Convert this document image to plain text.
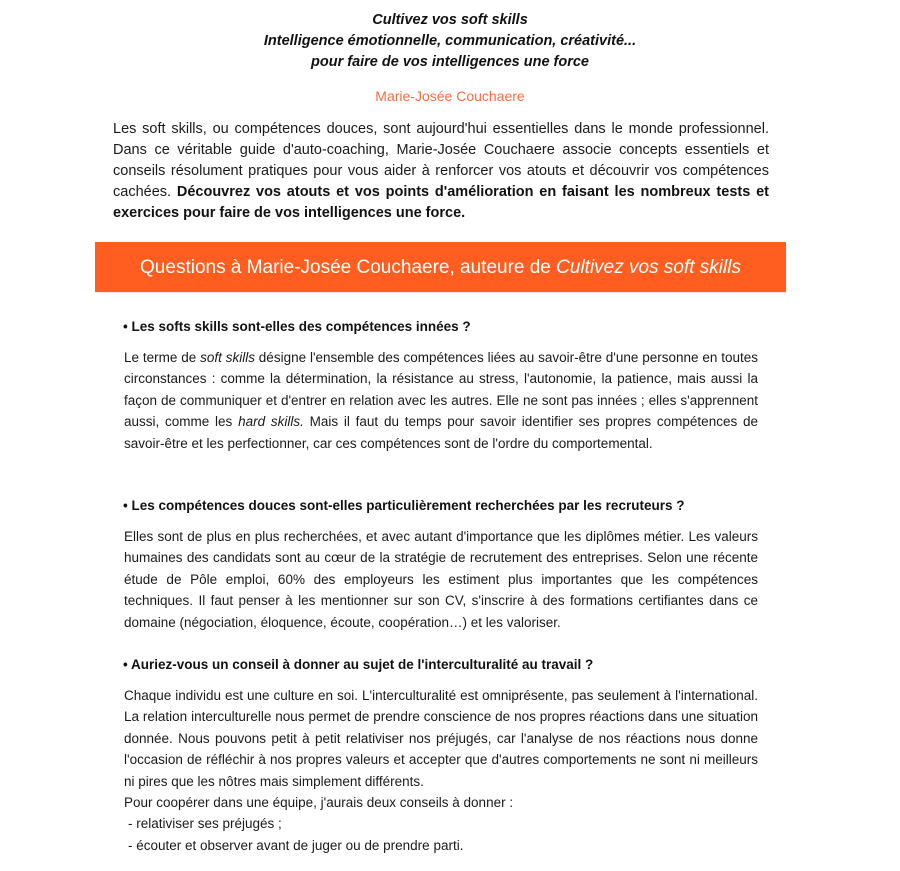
Cultivez vos soft skills
Intelligence émotionnelle, communication, créativité...
pour faire de vos intelligences une force
Marie-Josée Couchaere

Les soft skills, ou compétences douces, sont aujourd'hui essentielles dans le monde professionnel. Dans ce véritable guide d'auto-coaching, Marie-Josée Couchaere associe concepts essentiels et conseils résolument pratiques pour vous aider à renforcer vos atouts et découvrir vos compétences cachées. Découvrez vos atouts et vos points d'amélioration en faisant les nombreux tests et exercices pour faire de vos intelligences une force.

Questions à Marie-Josée Couchaere, auteure de Cultivez vos soft skills

• Les softs skills sont-elles des compétences innées ?

Le terme de soft skills désigne l'ensemble des compétences liées au savoir-être d'une personne en toutes circonstances : comme la détermination, la résistance au stress, l'autonomie, la patience, mais aussi la façon de communiquer et d'entrer en relation avec les autres. Elle ne sont pas innées ; elles s'apprennent aussi, comme les hard skills. Mais il faut du temps pour savoir identifier ses propres compétences de savoir-être et les perfectionner, car ces compétences sont de l'ordre du comportemental.

• Les compétences douces sont-elles particulièrement recherchées par les recruteurs ?

Elles sont de plus en plus recherchées, et avec autant d'importance que les diplômes métier. Les valeurs humaines des candidats sont au cœur de la stratégie de recrutement des entreprises. Selon une récente étude de Pôle emploi, 60% des employeurs les estiment plus importantes que les compétences techniques. Il faut penser à les mentionner sur son CV, s'inscrire à des formations certifiantes dans ce domaine (négociation, éloquence, écoute, coopération…) et les valoriser.

• Auriez-vous un conseil à donner au sujet de l'interculturalité au travail ?

Chaque individu est une culture en soi. L'interculturalité est omniprésente, pas seulement à l'international. La relation interculturelle nous permet de prendre conscience de nos propres réactions dans une situation donnée. Nous pouvons petit à petit relativiser nos préjugés, car l'analyse de nos réactions nous donne l'occasion de réfléchir à nos propres valeurs et accepter que d'autres comportements ne sont ni meilleurs ni pires que les nôtres mais simplement différents.

Pour coopérer dans une équipe, j'aurais deux conseils à donner :
- relativiser ses préjugés ;
- écouter et observer avant de juger ou de prendre parti.
